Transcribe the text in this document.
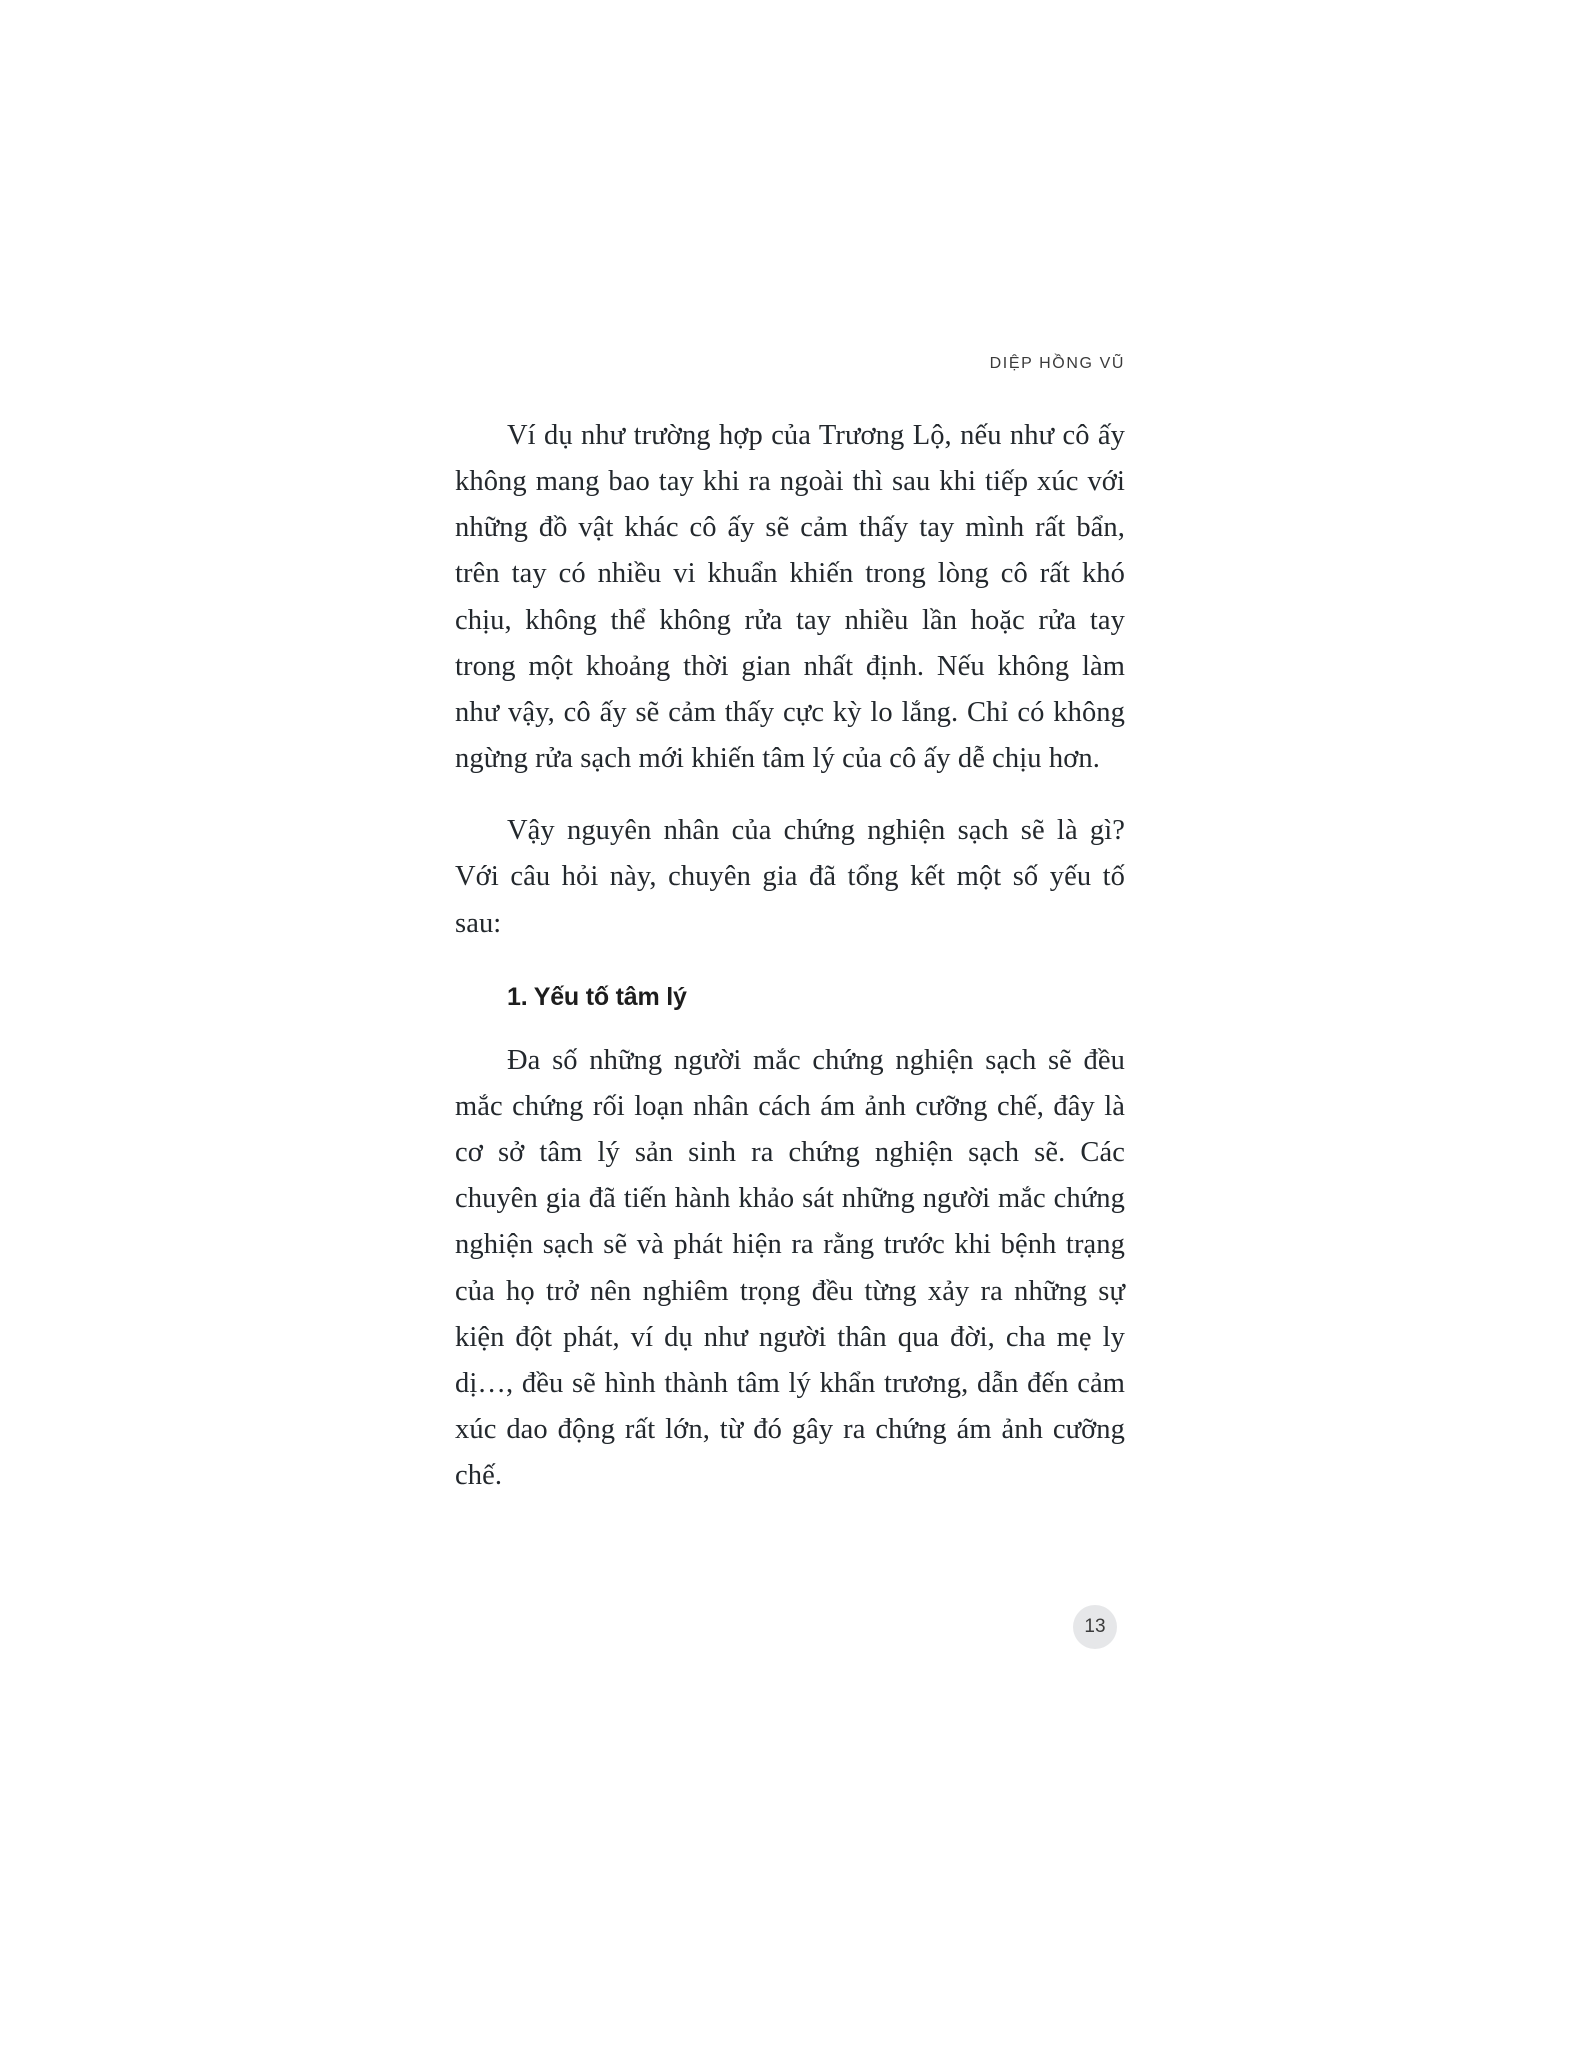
DIỆP HỒNG VŨ

Ví dụ như trường hợp của Trương Lộ, nếu như cô ấy không mang bao tay khi ra ngoài thì sau khi tiếp xúc với những đồ vật khác cô ấy sẽ cảm thấy tay mình rất bẩn, trên tay có nhiều vi khuẩn khiến trong lòng cô rất khó chịu, không thể không rửa tay nhiều lần hoặc rửa tay trong một khoảng thời gian nhất định. Nếu không làm như vậy, cô ấy sẽ cảm thấy cực kỳ lo lắng. Chỉ có không ngừng rửa sạch mới khiến tâm lý của cô ấy dễ chịu hơn.

Vậy nguyên nhân của chứng nghiện sạch sẽ là gì? Với câu hỏi này, chuyên gia đã tổng kết một số yếu tố sau:

1. Yếu tố tâm lý

Đa số những người mắc chứng nghiện sạch sẽ đều mắc chứng rối loạn nhân cách ám ảnh cưỡng chế, đây là cơ sở tâm lý sản sinh ra chứng nghiện sạch sẽ. Các chuyên gia đã tiến hành khảo sát những người mắc chứng nghiện sạch sẽ và phát hiện ra rằng trước khi bệnh trạng của họ trở nên nghiêm trọng đều từng xảy ra những sự kiện đột phát, ví dụ như người thân qua đời, cha mẹ ly dị…, đều sẽ hình thành tâm lý khẩn trương, dẫn đến cảm xúc dao động rất lớn, từ đó gây ra chứng ám ảnh cưỡng chế.

13
